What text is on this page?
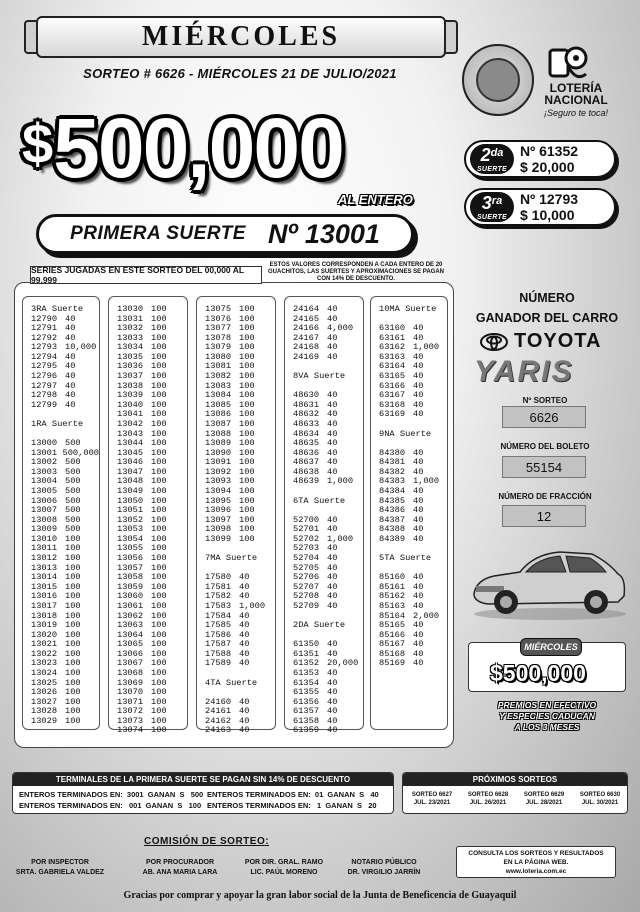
MIÉRCOLES
SORTEO # 6626 - MIÉRCOLES 21 DE JULIO/2021
LOTERÍA NACIONAL
¡Seguro te toca!
$500,000
AL ENTERO
PRIMERA SUERTE Nº 13001
2 da
SUERTE
Nº 61352
$ 20,000
3 ra
SUERTE
Nº 12793
$ 10,000
SERIES JUGADAS EN ESTE SORTEO DEL 00,000 AL 99,999
ESTOS VALORES CORRESPONDEN A CADA ENTERO DE 20 GUACHITOS, LAS SUERTES Y APROXIMACIONES SE PAGAN CON 14% DE DESCUENTO.
3RA Suerte
12790 40
12791 40
12792 40
12793 10,000
12794 40
12795 40
12796 40
12797 40
12798 40
12799 40

1RA Suerte

13000 500
13001 500,000
13002 500
13003 500
13004 500
13005 500
13006 500
13007 500
13008 500
13009 500
13010 100
13011 100
13012 100
13013 100
13014 100
13015 100
13016 100
13017 100
13018 100
13019 100
13020 100
13021 100
13022 100
13023 100
13024 100
13025 100
13026 100
13027 100
13028 100
13029 100
13030 100
13031 100
13032 100
13033 100
13034 100
13035 100
13036 100
13037 100
13038 100
13039 100
13040 100
13041 100
13042 100
13043 100
13044 100
13045 100
13046 100
13047 100
13048 100
13049 100
13050 100
13051 100
13052 100
13053 100
13054 100
13055 100
13056 100
13057 100
13058 100
13059 100
13060 100
13061 100
13062 100
13063 100
13064 100
13065 100
13066 100
13067 100
13068 100
13069 100
13070 100
13071 100
13072 100
13073 100
13074 100
13075 100
13076 100
13077 100
13078 100
13079 100
13080 100
13081 100
13082 100
13083 100
13084 100
13085 100
13086 100
13087 100
13088 100
13089 100
13090 100
13091 100
13092 100
13093 100
13094 100
13095 100
13096 100
13097 100
13098 100
13099 100

7MA Suerte

17580 40
17581 40
17582 40
17583 1,000
17584 40
17585 40
17586 40
17587 40
17588 40
17589 40

4TA Suerte

24160 40
24161 40
24162 40
24163 40
24164 40
24165 40
24166 4,000
24167 40
24168 40
24169 40

8VA Suerte

48630 40
48631 40
48632 40
48633 40
48634 40
48635 40
48636 40
48637 40
48638 40
48639 1,000

6TA Suerte

52700 40
52701 40
52702 1,000
52703 40
52704 40
52705 40
52706 40
52707 40
52708 40
52709 40

2DA Suerte

61350 40
61351 40
61352 20,000
61353 40
61354 40
61355 40
61356 40
61357 40
61358 40
61359 40
10MA Suerte

63160 40
63161 40
63162 1,000
63163 40
63164 40
63165 40
63166 40
63167 40
63168 40
63169 40

9NA Suerte

84380 40
84381 40
84382 40
84383 1,000
84384 40
84385 40
84386 40
84387 40
84388 40
84389 40

5TA Suerte

85160 40
85161 40
85162 40
85163 40
85164 2,000
85165 40
85166 40
85167 40
85168 40
85169 40
NÚMERO
GANADOR DEL CARRO
TOYOTA
YARIS
Nº SORTEO
6626
NÚMERO DEL BOLETO
55154
NÚMERO DE FRACCIÓN
12
MIÉRCOLES
$500,000
PREMIOS EN EFECTIVO
Y ESPECIES CADUCAN
A LOS 3 MESES
TERMINALES DE LA PRIMERA SUERTE SE PAGAN SIN 14% DE DESCUENTO
ENTEROS TERMINADOS EN:  3001  GANAN  S   500
ENTEROS TERMINADOS EN:   001  GANAN  S   100
ENTEROS TERMINADOS EN:  01  GANAN  S   40
ENTEROS TERMINADOS EN:   1  GANAN  S   20
PRÓXIMOS SORTEOS
SORTEO 6627
JUL. 23/2021
SORTEO 6628
JUL. 26/2021
SORTEO 6629
JUL. 28/2021
SORTEO 6630
JUL. 30/2021
COMISIÓN DE SORTEO:
POR INSPECTOR
SRTA. GABRIELA VALDEZ
POR PROCURADOR
AB. ANA MARIA LARA
POR DIR. GRAL. RAMO
LIC. PAÚL MORENO
NOTARIO PÚBLICO
DR. VIRGILIO JARRÍN
CONSULTA LOS SORTEOS Y RESULTADOS
EN LA PÁGINA WEB.
www.loteria.com.ec
Gracias por comprar y apoyar la gran labor social de la Junta de Beneficencia de Guayaquil
